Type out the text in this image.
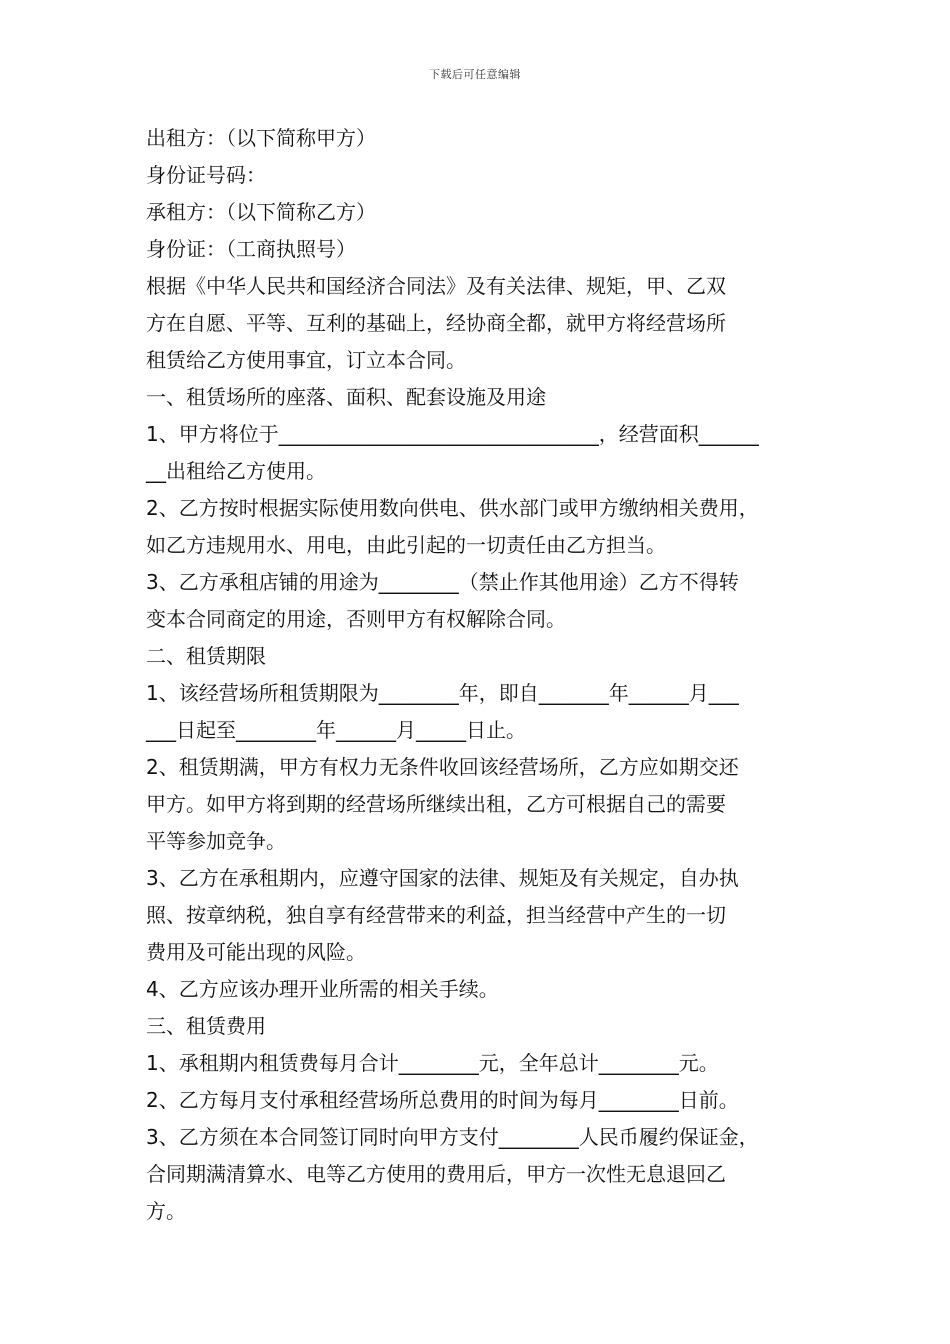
下载后可任意编辑
出租方：（以下简称甲方）
身份证号码：
承租方：（以下简称乙方）
身份证：（工商执照号）
根据《中华人民共和国经济合同法》及有关法律、规矩，甲、乙双
方在自愿、平等、互利的基础上，经协商全都，就甲方将经营场所
租赁给乙方使用事宜，订立本合同。
一、租赁场所的座落、面积、配套设施及用途
1、甲方将位于________________________________，经营面积______
__出租给乙方使用。
2、乙方按时根据实际使用数向供电、供水部门或甲方缴纳相关费用，
如乙方违规用水、用电，由此引起的一切责任由乙方担当。
3、乙方承租店铺的用途为________（禁止作其他用途）乙方不得转
变本合同商定的用途，否则甲方有权解除合同。
二、租赁期限
1、该经营场所租赁期限为________年，即自_______年______月___
___日起至________年______月_____日止。
2、租赁期满，甲方有权力无条件收回该经营场所，乙方应如期交还
甲方。如甲方将到期的经营场所继续出租，乙方可根据自己的需要
平等参加竞争。
3、乙方在承租期内，应遵守国家的法律、规矩及有关规定，自办执
照、按章纳税，独自享有经营带来的利益，担当经营中产生的一切
费用及可能出现的风险。
4、乙方应该办理开业所需的相关手续。
三、租赁费用
1、承租期内租赁费每月合计________元，全年总计________元。
2、乙方每月支付承租经营场所总费用的时间为每月________日前。
3、乙方须在本合同签订同时向甲方支付________人民币履约保证金，
合同期满清算水、电等乙方使用的费用后，甲方一次性无息退回乙
方。
